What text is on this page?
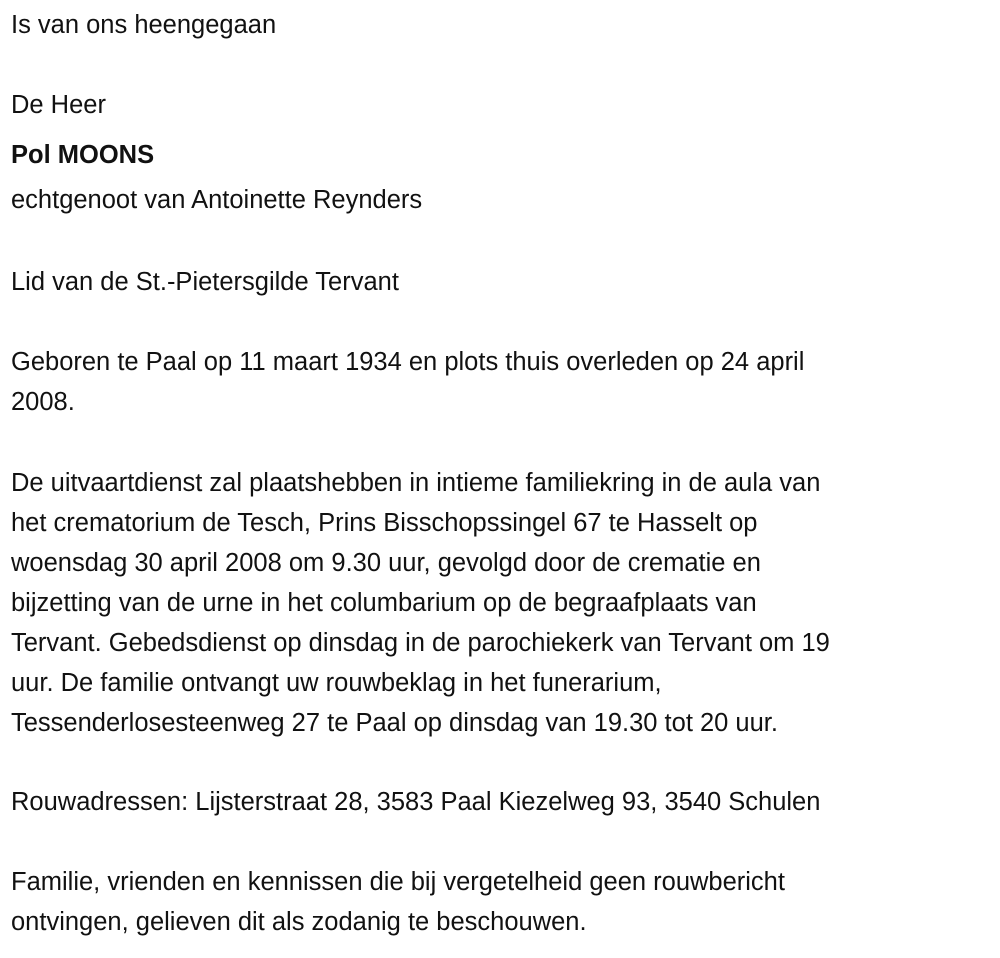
Is van ons heengegaan
De Heer
Pol MOONS
echtgenoot van Antoinette Reynders
Lid van de St.-Pietersgilde Tervant
Geboren te Paal op 11 maart 1934 en plots thuis overleden op 24 april
2008.
De uitvaartdienst zal plaatshebben in intieme familiekring in de aula van
het crematorium de Tesch, Prins Bisschopssingel 67 te Hasselt op
woensdag 30 april 2008 om 9.30 uur, gevolgd door de crematie en
bijzetting van de urne in het columbarium op de begraafplaats van
Tervant. Gebedsdienst op dinsdag in de parochiekerk van Tervant om 19
uur. De familie ontvangt uw rouwbeklag in het funerarium,
Tessenderlosesteenweg 27 te Paal op dinsdag van 19.30 tot 20 uur.
Rouwadressen: Lijsterstraat 28, 3583 Paal Kiezelweg 93, 3540 Schulen
Familie, vrienden en kennissen die bij vergetelheid geen rouwbericht
ontvingen, gelieven dit als zodanig te beschouwen.
